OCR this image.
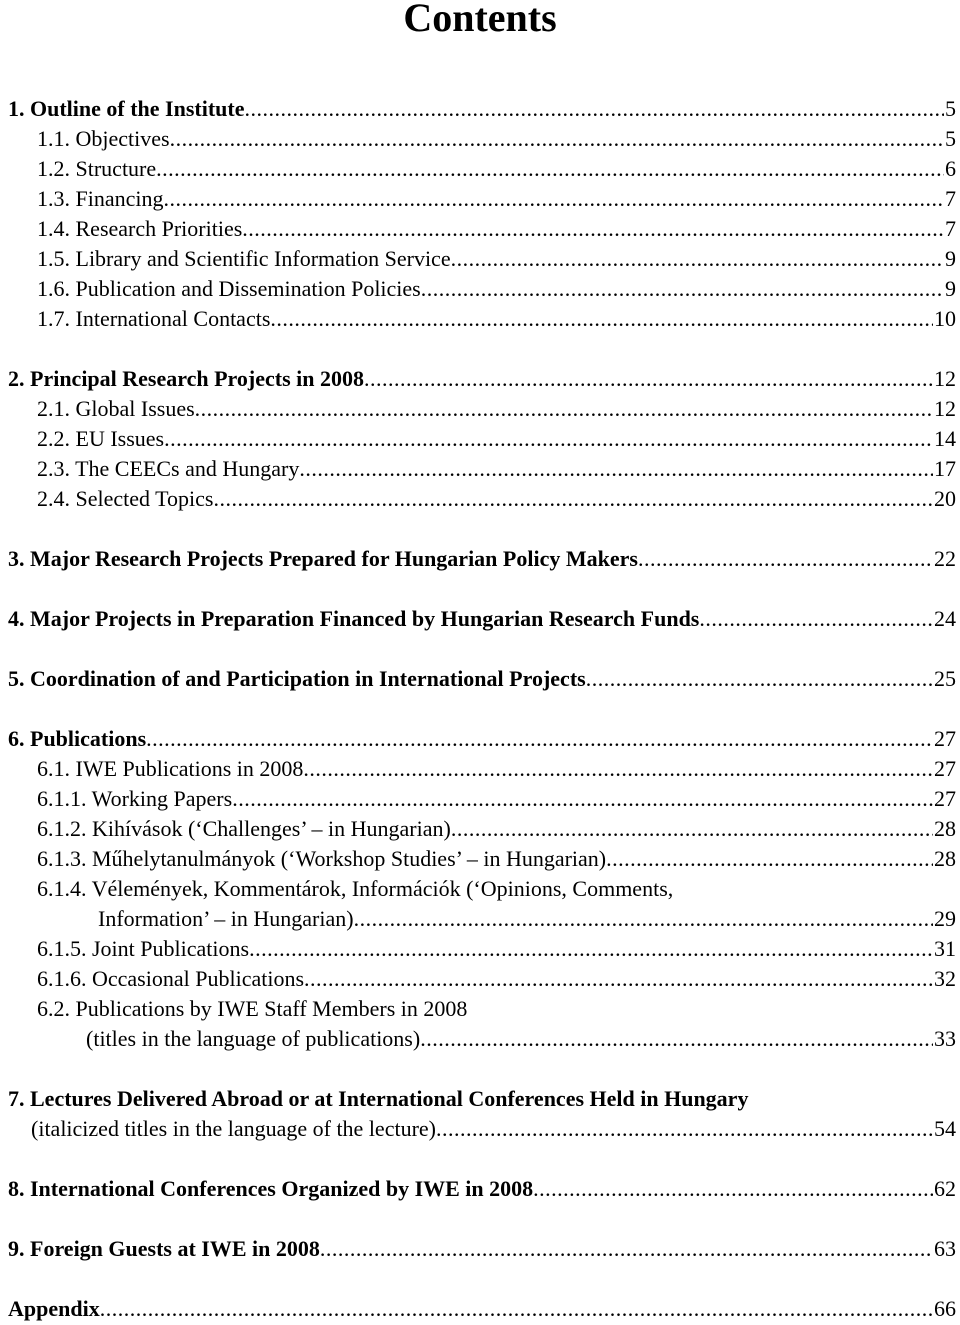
Contents
1. Outline of the Institute .....	5
1.1. Objectives .....	5
1.2. Structure .....	6
1.3. Financing .....	7
1.4. Research Priorities .....	7
1.5. Library and Scientific Information Service .....	9
1.6. Publication and Dissemination Policies .....	9
1.7. International Contacts .....	10
2. Principal Research Projects in 2008 .....	12
2.1. Global Issues .....	12
2.2. EU Issues .....	14
2.3. The CEECs and Hungary .....	17
2.4. Selected Topics .....	20
3. Major Research Projects Prepared for Hungarian Policy Makers .....	22
4. Major Projects in Preparation Financed by Hungarian Research Funds .....	24
5. Coordination of and Participation in International Projects .....	25
6. Publications .....	27
6.1. IWE Publications in 2008 .....	27
6.1.1. Working Papers .....	27
6.1.2. Kihívások (‘Challenges’ – in Hungarian) .....	28
6.1.3. Műhelytanulmányok (‘Workshop Studies’ – in Hungarian) .....	28
6.1.4. Vélemények, Kommentárok, Információk (‘Opinions, Comments,
Information’ – in Hungarian) .....	29
6.1.5. Joint Publications .....	31
6.1.6. Occasional Publications .....	32
6.2. Publications by IWE Staff Members in 2008
(titles in the language of publications) .....	33
7. Lectures Delivered Abroad or at International Conferences Held in Hungary
(italicized titles in the language of the lecture) .....	54
8. International Conferences Organized by IWE in 2008 .....	62
9. Foreign Guests at IWE in 2008 .....	63
Appendix .....	66
